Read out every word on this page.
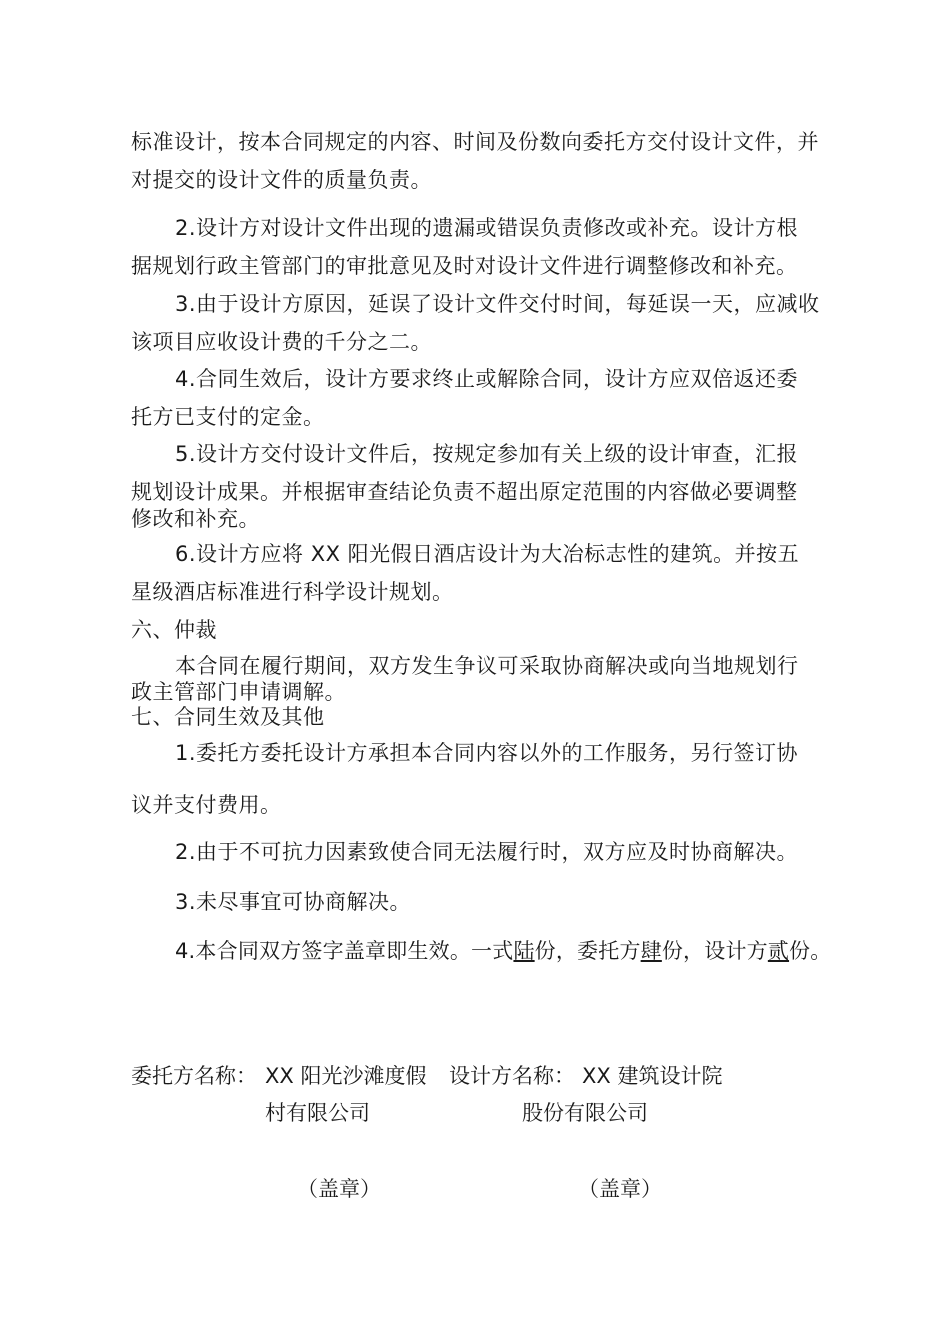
标准设计，按本合同规定的内容、时间及份数向委托方交付设计文件，并
对提交的设计文件的质量负责。
2.设计方对设计文件出现的遗漏或错误负责修改或补充。设计方根
据规划行政主管部门的审批意见及时对设计文件进行调整修改和补充。
3.由于设计方原因，延误了设计文件交付时间，每延误一天，应减收
该项目应收设计费的千分之二。
4.合同生效后，设计方要求终止或解除合同，设计方应双倍返还委
托方已支付的定金。
5.设计方交付设计文件后，按规定参加有关上级的设计审查，汇报
规划设计成果。并根据审查结论负责不超出原定范围的内容做必要调整
修改和补充。
6.设计方应将 XX 阳光假日酒店设计为大冶标志性的建筑。并按五
星级酒店标准进行科学设计规划。
六、仲裁
本合同在履行期间，双方发生争议可采取协商解决或向当地规划行
政主管部门申请调解。
七、合同生效及其他
1.委托方委托设计方承担本合同内容以外的工作服务，另行签订协
议并支付费用。
2.由于不可抗力因素致使合同无法履行时，双方应及时协商解决。
3.未尽事宜可协商解决。
4.本合同双方签字盖章即生效。一式陆份，委托方肆份，设计方贰份。
委托方名称： XX 阳光沙滩度假
村有限公司
设计方名称： XX 建筑设计院
股份有限公司
（盖章）	（盖章）
